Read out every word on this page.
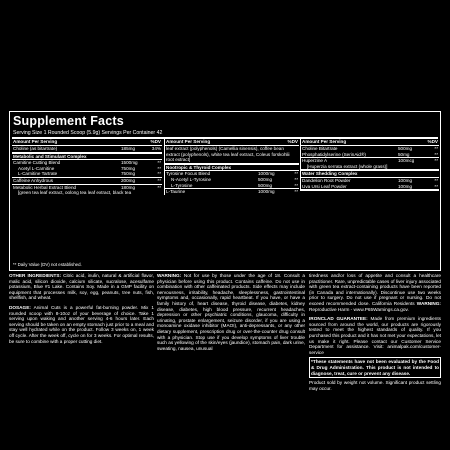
Supplement Facts
Serving Size 1 Rounded Scoop (5.9g) Servings Per Container 42
Amount Per Serving	%DV
Choline (as bitartrate)	185mg	34%
Metabolic and Stimulant Complex
Carnitine Cutting Blend	1500mg	**
Acetyl L-Carnitine	750mg	**
L-Carnitine Tartrate	750mg	**
Caffeine Anhydrous	200mg	**
Metabolic Herbal Extract Blend	180mg	**
[green tea leaf extract, oolong tea leaf extract, black tea
Amount Per Serving	%DV
leaf extract (polyphenols) (Camellia sinensis), coffee bean extract (polyphenols), white tea leaf extract, Coleus forskohlii root extract]
Nootropic & Thyroid Complex
Tyrosine Focus Blend	1000mg	**
N-Acetyl L-Tyrosine	500mg	**
L-Tyrosine	500mg	**
L-Taurine	1000mg	**
Amount Per Serving	%DV
Choline Bitartrate	500mg	**
Phosphatidylserine (SerinAid®)	50mg	**
Huperzine A	100mcg	**
[Huperzia serrata extract (whole grass)]
Water Shedding Complex
Dandelion Root Powder	100mg	**
Uva Ursi Leaf Powder	100mg	**
** Daily Value (DV) not established.

OTHER INGREDIENTS: Citric acid, inulin, natural & artificial flavor, malic acid, silicon dioxide, calcium silicate, sucralose, acesulfame potassium, Blue #1 Lake. Contains Soy. Made in a GMP facility on equipment that processes milk, soy, egg, peanuts, tree nuts, fish, shellfish, and wheat.

DOSAGE: Animal Cuts is a powerful fat-burning powder. Mix 1 rounded scoop with 8-10oz of your beverage of choice. Take 1 serving upon waking and another serving 4-6 hours later. Each serving should be taken on an empty stomach just prior to a meal and stay well hydrated while on the product. Follow 3 weeks on, 1 week off cycle. After the week off, cycle on for 3 weeks. For optimal results, be sure to combine with a proper cutting diet.

WARNING: Not for use by those under the age of 18. Consult a physician before using this product. Contains caffeine. Do not use in combination with other caffeinated products. Side effects may include nervousness, irritability, headache, sleeplessness, gastrointestinal symptoms and, occasionally, rapid heartbeat. If you have, or have a family history of, heart disease, thyroid disease, diabetes, kidney disease, diabetes, high blood pressure, recurrent headaches, depression or other psychiatric conditions, glaucoma, difficulty in urinating, prostate enlargement, seizure disorder, if you are using a monoamine oxidase inhibitor (MAOI), anti-depressants, or any other dietary supplement, prescription drug or over-the-counter drug consult with a physician. Stop use if you develop symptoms of liver trouble such as yellowing of the skin/eyes (jaundice), stomach pain, dark urine, sweating, nausea, unusual
tiredness and/or loss of appetite and consult a healthcare practitioner. Rare, unpredictable cases of liver injury associated with green tea extract-containing products have been reported (in Canada and internationally). Discontinue use two weeks prior to surgery. Do not use if pregnant or nursing. Do not exceed recommended dose. California Residents WARNING: Reproductive Harm - www.P65Warnings.ca.gov.

IRONCLAD GUARANTEE: Made from premium ingredients sourced from around the world, our products are rigorously tested to meet the highest standards of quality. If you purchased this product and it has not met your expectations, let us make it right. Please contact our Customer Service Department for assistance. Visit: animalpak.com/customer-service

*These statements have not been evaluated by the Food & Drug Administration. This product is not intended to diagnose, treat, cure or prevent any disease.

Product sold by weight not volume. Significant product settling may occur.
